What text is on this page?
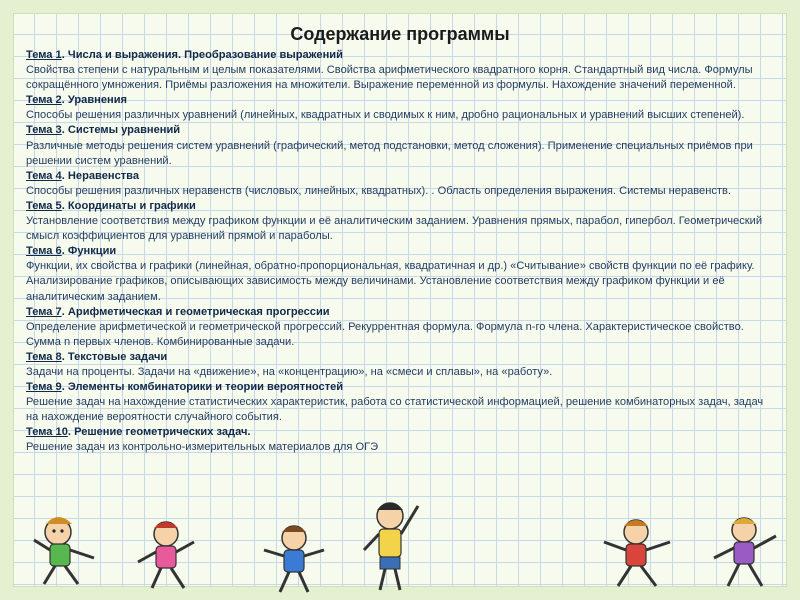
Содержание программы

Тема 1. Числа и выражения. Преобразование выражений
Свойства степени с натуральным и целым показателями. Свойства арифметического квадратного корня. Стандартный вид числа. Формулы сокращённого умножения. Приёмы разложения на множители. Выражение переменной из формулы. Нахождение значений переменной.

Тема 2. Уравнения
Способы решения различных уравнений (линейных, квадратных и сводимых к ним, дробно рациональных и уравнений высших степеней).

Тема 3. Системы уравнений
Различные методы решения систем уравнений (графический, метод подстановки, метод сложения). Применение специальных приёмов при решении систем уравнений.

Тема 4. Неравенства
Способы решения различных неравенств (числовых, линейных, квадратных). . Область определения выражения. Системы неравенств.

Тема 5. Координаты и графики
Установление соответствия между графиком функции и её аналитическим заданием. Уравнения прямых, парабол, гипербол. Геометрический смысл коэффициентов для уравнений прямой и параболы.

Тема 6. Функции
Функции, их свойства и графики (линейная, обратно-пропорциональная, квадратичная и др.) «Считывание» свойств функции по её графику. Анализирование графиков, описывающих зависимость между величинами. Установление соответствия между графиком функции и её аналитическим заданием.

Тема 7. Арифметическая и геометрическая прогрессии
Определение арифметической и геометрической прогрессий. Рекуррентная формула. Формула n-го члена. Характеристическое свойство. Сумма n первых членов. Комбинированные задачи.

Тема 8. Текстовые задачи
Задачи на проценты. Задачи на «движение», на «концентрацию», на «смеси и сплавы», на «работу».

Тема 9. Элементы комбинаторики и теории вероятностей
Решение задач на нахождение статистических характеристик, работа со статистической информацией, решение комбинаторных задач, задач на нахождение вероятности случайного события.

Тема 10. Решение геометрических задач.
Решение задач из контрольно-измерительных материалов для ОГЭ
